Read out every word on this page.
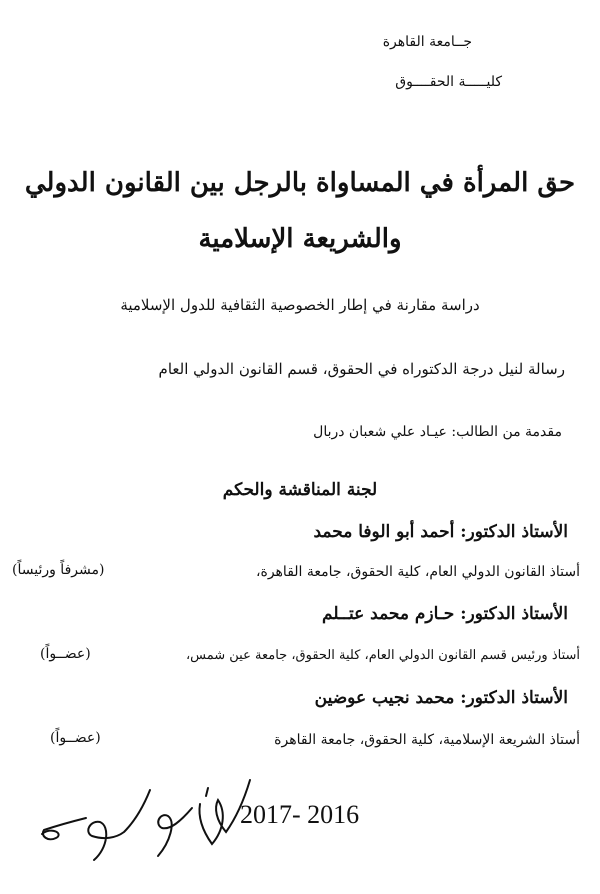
جــامعة القاهرة
كليـــــة الحقــــوق
حق المرأة في المساواة بالرجل بين القانون الدولي
والشريعة الإسلامية
دراسة مقارنة في إطار الخصوصية الثقافية للدول الإسلامية
رسالة لنيل درجة الدكتوراه في الحقوق، قسم القانون الدولي العام
مقدمة من الطالب: عيـاد علي شعبان دربال
لجنة المناقشة والحكم
الأستاذ الدكتور: أحمد أبو الوفا محمد
أستاذ القانون الدولي العام، كلية الحقوق، جامعة القاهرة،
(مشرفاً ورئيساً)
الأستاذ الدكتور: حـازم محمد عتــلم
أستاذ ورئيس قسم القانون الدولي العام، كلية الحقوق، جامعة عين شمس،
(عضــواً)
الأستاذ الدكتور: محمد نجيب عوضين
أستاذ الشريعة الإسلامية، كلية الحقوق، جامعة القاهرة
(عضــواً)
2017- 2016
